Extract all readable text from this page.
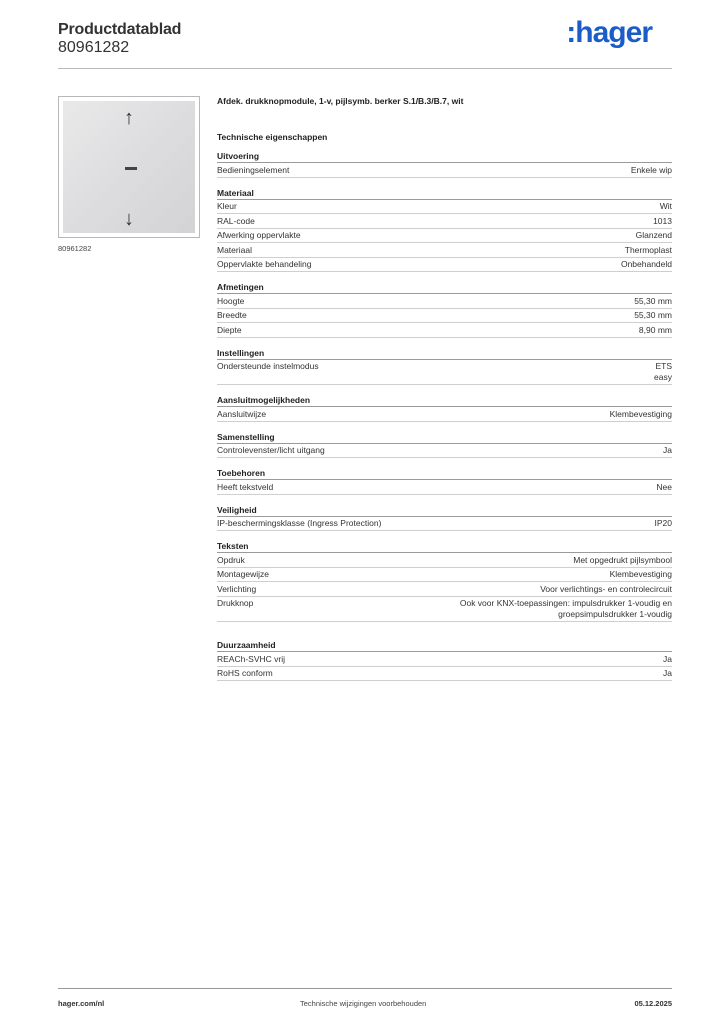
Productdatablad
80961282	:hager
↑
↓
80961282
Afdek. drukknopmodule, 1-v, pijlsymb. berker S.1/B.3/B.7, wit
Technische eigenschappen
Uitvoering
Bedieningselement	Enkele wip
Materiaal
Kleur	Wit
RAL-code	1013
Afwerking oppervlakte	Glanzend
Materiaal	Thermoplast
Oppervlakte behandeling	Onbehandeld
Afmetingen
Hoogte	55,30 mm
Breedte	55,30 mm
Diepte	8,90 mm
Instellingen
Ondersteunde instelmodus	ETS
easy
Aansluitmogelijkheden
Aansluitwijze	Klembevestiging
Samenstelling
Controlevenster/licht uitgang	Ja
Toebehoren
Heeft tekstveld	Nee
Veiligheid
IP-beschermingsklasse (Ingress Protection)	IP20
Teksten
Opdruk	Met opgedrukt pijlsymbool
Montagewijze	Klembevestiging
Verlichting	Voor verlichtings- en controlecircuit
Drukknop	Ook voor KNX-toepassingen: impulsdrukker 1-voudig en
groepsimpulsdrukker 1-voudig
Duurzaamheid
REACh-SVHC vrij	Ja
RoHS conform	Ja
hager.com/nl	Technische wijzigingen voorbehouden	05.12.2025
